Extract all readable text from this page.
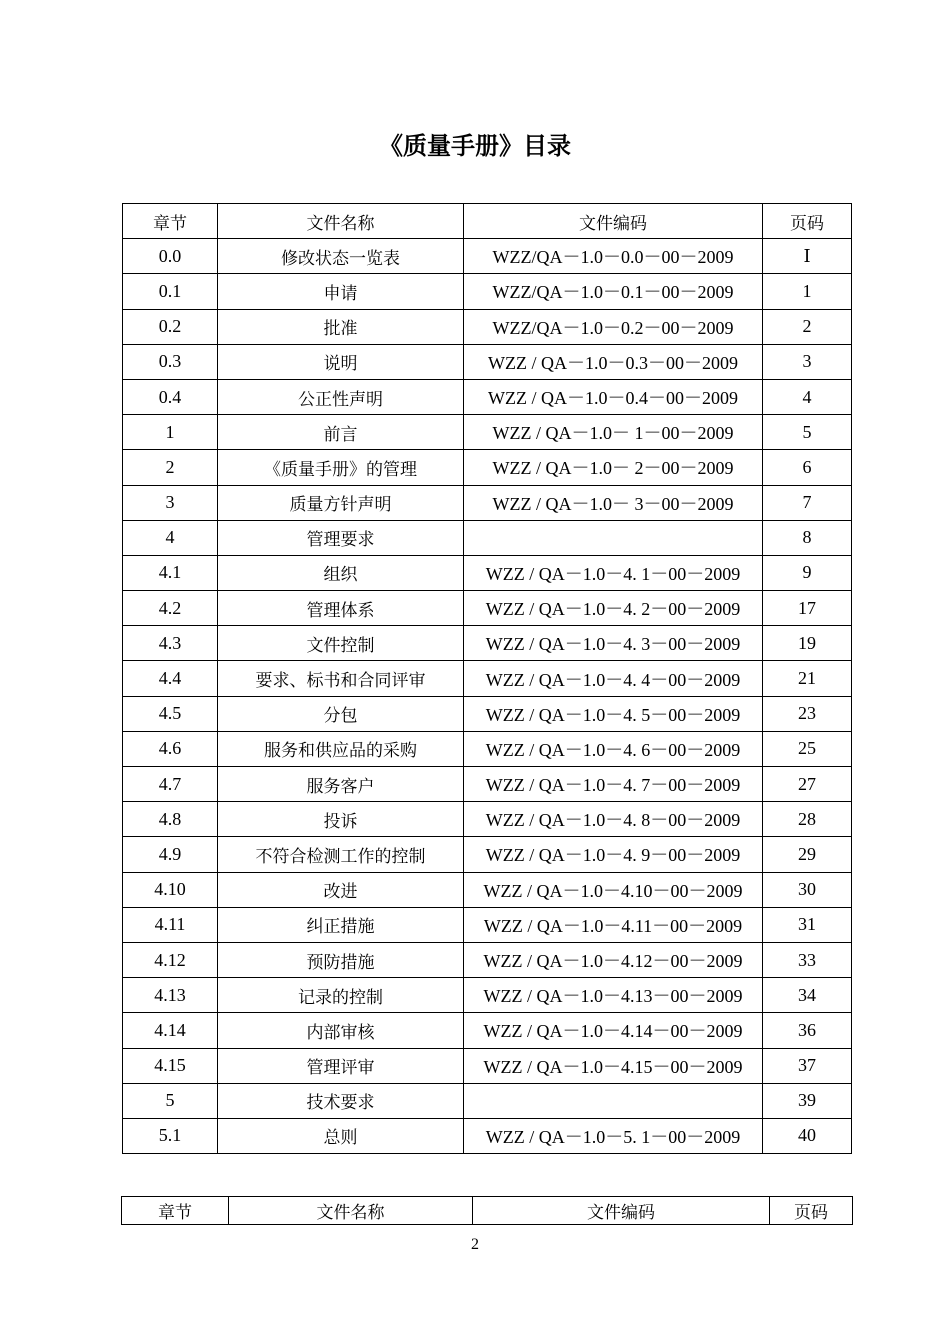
《质量手册》目录
章节	文件名称	文件编码	页码
0.0	修改状态一览表	WZZ/QA－1.0－0.0－00－2009	Ⅰ
0.1	申请	WZZ/QA－1.0－0.1－00－2009	1
0.2	批准	WZZ/QA－1.0－0.2－00－2009	2
0.3	说明	WZZ / QA－1.0－0.3－00－2009	3
0.4	公正性声明	WZZ / QA－1.0－0.4－00－2009	4
1	前言	WZZ / QA－1.0－ 1－00－2009	5
2	《质量手册》的管理	WZZ / QA－1.0－ 2－00－2009	6
3	质量方针声明	WZZ / QA－1.0－ 3－00－2009	7
4	管理要求		8
4.1	组织	WZZ / QA－1.0－4. 1－00－2009	9
4.2	管理体系	WZZ / QA－1.0－4. 2－00－2009	17
4.3	文件控制	WZZ / QA－1.0－4. 3－00－2009	19
4.4	要求、标书和合同评审	WZZ / QA－1.0－4. 4－00－2009	21
4.5	分包	WZZ / QA－1.0－4. 5－00－2009	23
4.6	服务和供应品的采购	WZZ / QA－1.0－4. 6－00－2009	25
4.7	服务客户	WZZ / QA－1.0－4. 7－00－2009	27
4.8	投诉	WZZ / QA－1.0－4. 8－00－2009	28
4.9	不符合检测工作的控制	WZZ / QA－1.0－4. 9－00－2009	29
4.10	改进	WZZ / QA－1.0－4.10－00－2009	30
4.11	纠正措施	WZZ / QA－1.0－4.11－00－2009	31
4.12	预防措施	WZZ / QA－1.0－4.12－00－2009	33
4.13	记录的控制	WZZ / QA－1.0－4.13－00－2009	34
4.14	内部审核	WZZ / QA－1.0－4.14－00－2009	36
4.15	管理评审	WZZ / QA－1.0－4.15－00－2009	37
5	技术要求		39
5.1	总则	WZZ / QA－1.0－5. 1－00－2009	40
章节	文件名称	文件编码	页码
2
